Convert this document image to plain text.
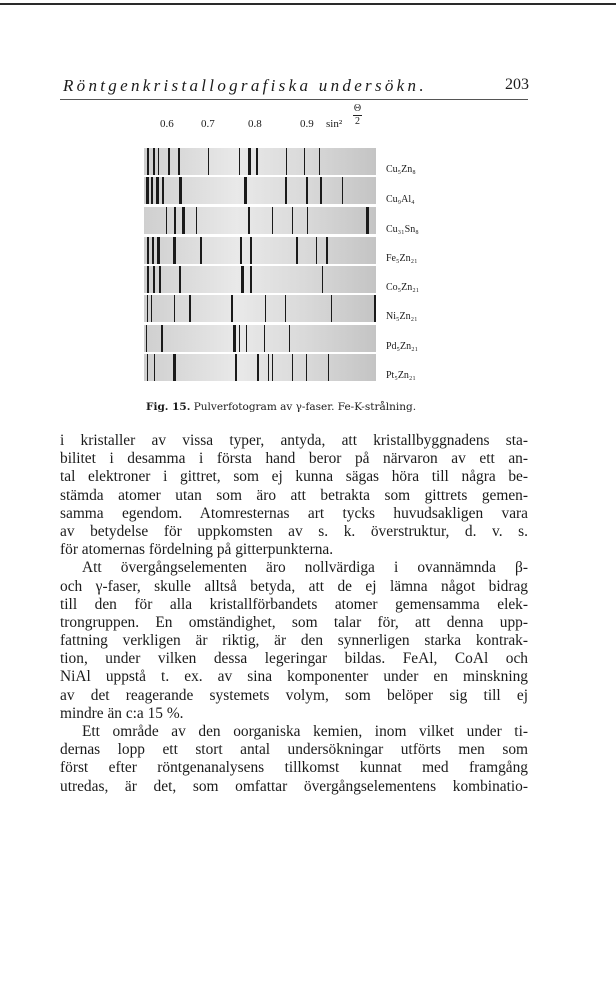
Röntgenkristallografiska undersökn.	203
0.6 0.7	0.8	0.9 sin²
Θ
2
Cu₅Zn₈
Cu₉Al₄
Cu₃₁Sn₈
Fe₅Zn₂₁
Co₅Zn₂₁
Ni₅Zn₂₁
Pd₅Zn₂₁
Pt₅Zn₂₁
Fig. 15. Pulverfotogram av γ-faser. Fe-K-strålning.
i kristaller av vissa typer, antyda, att kristallbyggnadens sta-
bilitet i desamma i första hand beror på närvaron av ett an-
tal elektroner i gittret, som ej kunna sägas höra till några be-
stämda atomer utan som äro att betrakta som gittrets gemen-
samma egendom. Atomresternas art tycks huvudsakligen vara
av betydelse för uppkomsten av s. k. överstruktur, d. v. s.
för atomernas fördelning på gitterpunkterna.
Att övergångselementen äro nollvärdiga i ovannämnda β-
och γ-faser, skulle alltså betyda, att de ej lämna något bidrag
till den för alla kristallförbandets atomer gemensamma elek-
trongruppen. En omständighet, som talar för, att denna upp-
fattning verkligen är riktig, är den synnerligen starka kontrak-
tion, under vilken dessa legeringar bildas. FeAl, CoAl och
NiAl uppstå t. ex. av sina komponenter under en minskning
av det reagerande systemets volym, som belöper sig till ej
mindre än c:a 15 %.
Ett område av den oorganiska kemien, inom vilket under ti-
dernas lopp ett stort antal undersökningar utförts men som
först efter röntgenanalysens tillkomst kunnat med framgång
utredas, är det, som omfattar övergångselementens kombinatio-
